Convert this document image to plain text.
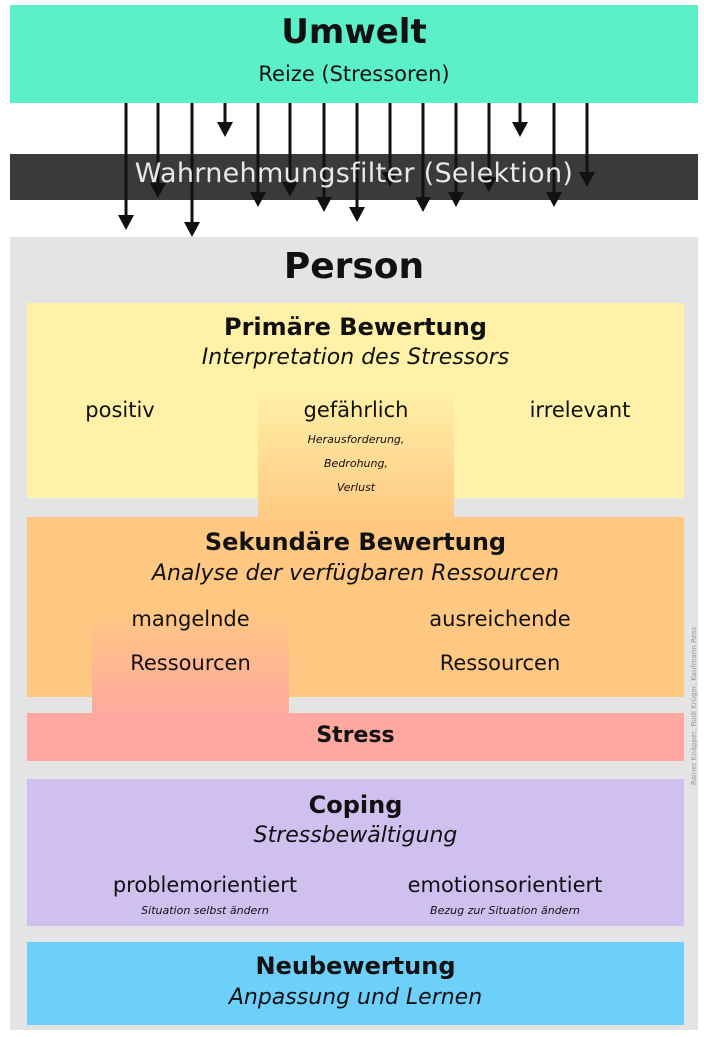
Umwelt
Reize (Stressoren)
Wahrnehmungsfilter (Selektion)
Person
Primäre Bewertung
Interpretation des Stressors
positiv	gefährlich	irrelevant
Herausforderung,
Bedrohung,
Verlust
Sekundäre Bewertung
Analyse der verfügbaren Ressourcen
mangelnde
Ressourcen
ausreichende
Ressourcen
Stress
Coping
Stressbewältigung
problemorientiert
Situation selbst ändern
emotionsorientiert
Bezug zur Situation ändern
Neubewertung
Anpassung und Lernen
Rainer Knäpper, Rudi Krüger, Kaufmann Ress
